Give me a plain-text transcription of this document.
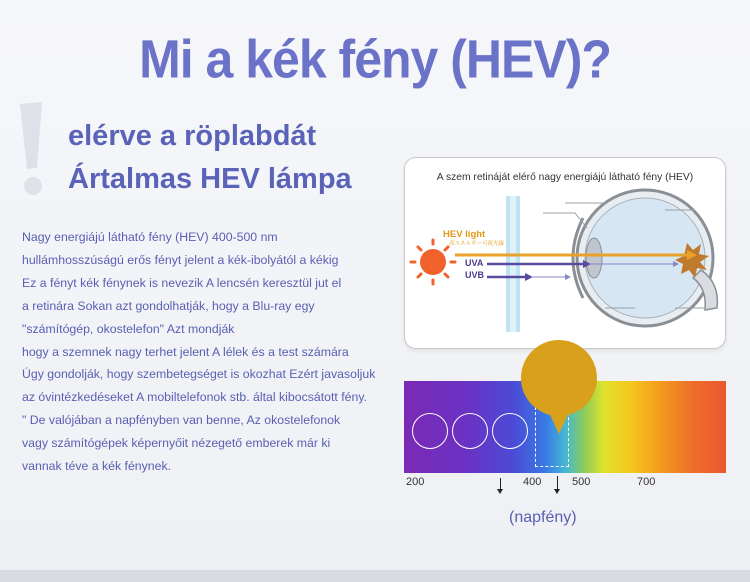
Mi a kék fény (HEV)?
elérve a röplabdát
Ártalmas HEV lámpa
Nagy energiájú látható fény (HEV) 400-500 nm
hullámhosszúságú erős fényt jelent a kék-ibolyától a kékig
Ez a fényt kék fénynek is nevezik A lencsén keresztül jut el
a retinára Sokan azt gondolhatják, hogy a Blu-ray egy
"számítógép, okostelefon" Azt mondják
hogy a szemnek nagy terhet jelent A lélek és a test számára
Úgy gondolják, hogy szembetegséget is okozhat Ezért javasoljuk
az óvintézkedéseket A mobiltelefonok stb. által kibocsátott fény.
" De valójában a napfényben van benne, Az okostelefonok
vagy számítógépek képernyőit nézegető emberek már ki
vannak téve a kék fénynek.
A szem retináját elérő nagy energiájú látható fény (HEV)
HEV light
高エネルギー可視光線
UVA
UVB
200	400	500	700
(napfény)
